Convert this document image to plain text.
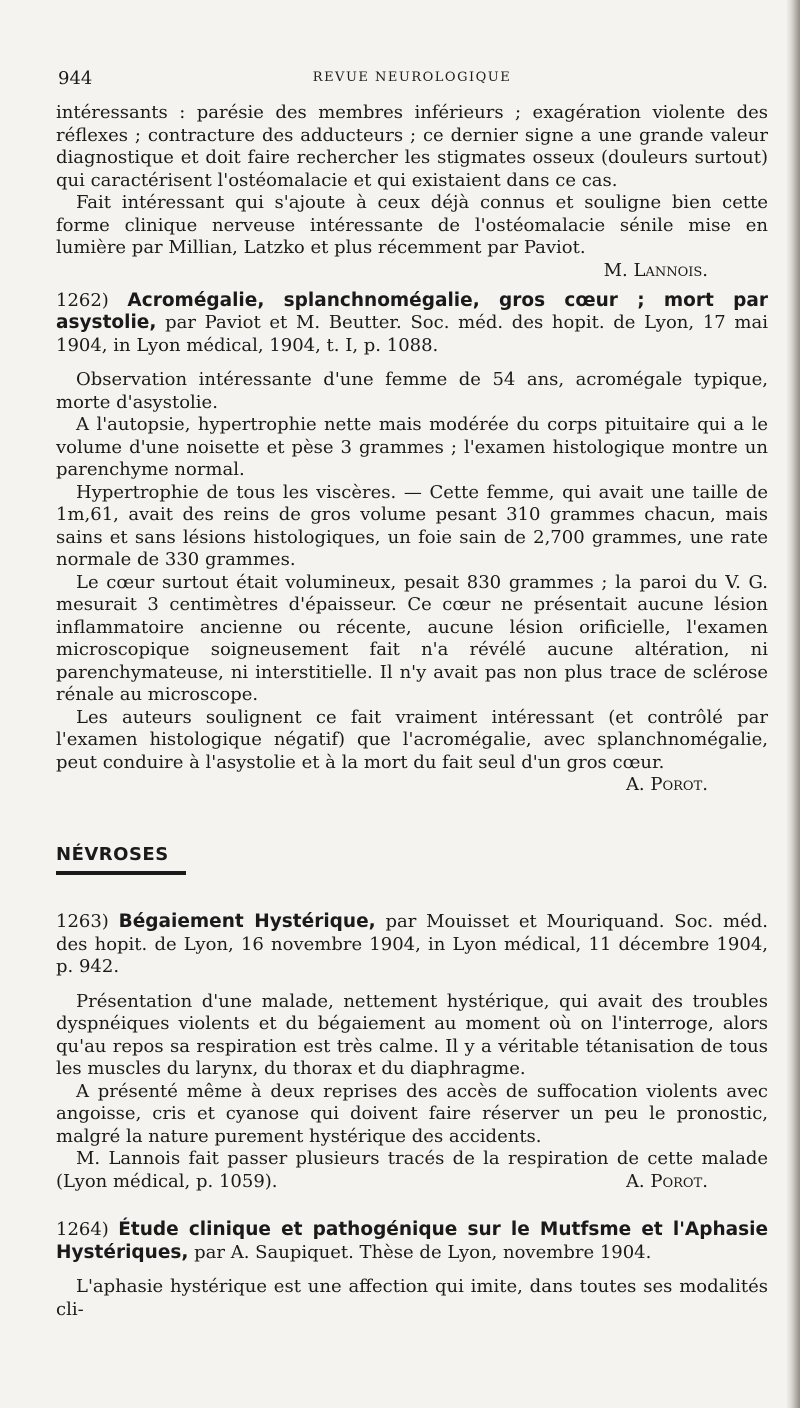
944	REVUE NEUROLOGIQUE

intéressants : parésie des membres inférieurs ; exagération violente des réflexes ; contracture des adducteurs ; ce dernier signe a une grande valeur diagnostique et doit faire rechercher les stigmates osseux (douleurs surtout) qui caractérisent l'ostéomalacie et qui existaient dans ce cas.

Fait intéressant qui s'ajoute à ceux déjà connus et souligne bien cette forme clinique nerveuse intéressante de l'ostéomalacie sénile mise en lumière par Millian, Latzko et plus récemment par Paviot.
M. Lannois.

1262) Acromégalie, splanchnomégalie, gros cœur ; mort par asystolie, par Paviot et M. Beutter. Soc. méd. des hopit. de Lyon, 17 mai 1904, in Lyon médical, 1904, t. I, p. 1088.

Observation intéressante d'une femme de 54 ans, acromégale typique, morte d'asystolie.

A l'autopsie, hypertrophie nette mais modérée du corps pituitaire qui a le volume d'une noisette et pèse 3 grammes ; l'examen histologique montre un parenchyme normal.

Hypertrophie de tous les viscères. — Cette femme, qui avait une taille de 1m,61, avait des reins de gros volume pesant 310 grammes chacun, mais sains et sans lésions histologiques, un foie sain de 2,700 grammes, une rate normale de 330 grammes.

Le cœur surtout était volumineux, pesait 830 grammes ; la paroi du V. G. mesurait 3 centimètres d'épaisseur. Ce cœur ne présentait aucune lésion inflammatoire ancienne ou récente, aucune lésion orificielle, l'examen microscopique soigneusement fait n'a révélé aucune altération, ni parenchymateuse, ni interstitielle. Il n'y avait pas non plus trace de sclérose rénale au microscope.

Les auteurs soulignent ce fait vraiment intéressant (et contrôlé par l'examen histologique négatif) que l'acromégalie, avec splanchnomégalie, peut conduire à l'asystolie et à la mort du fait seul d'un gros cœur.
A. Porot.

NÉVROSES

1263) Bégaiement Hystérique, par Mouisset et Mouriquand. Soc. méd. des hopit. de Lyon, 16 novembre 1904, in Lyon médical, 11 décembre 1904, p. 942.

Présentation d'une malade, nettement hystérique, qui avait des troubles dyspnéiques violents et du bégaiement au moment où on l'interroge, alors qu'au repos sa respiration est très calme. Il y a véritable tétanisation de tous les muscles du larynx, du thorax et du diaphragme.

A présenté même à deux reprises des accès de suffocation violents avec angoisse, cris et cyanose qui doivent faire réserver un peu le pronostic, malgré la nature purement hystérique des accidents.

M. Lannois fait passer plusieurs tracés de la respiration de cette malade (Lyon médical, p. 1059).	A. Porot.

1264) Étude clinique et pathogénique sur le Mutfsme et l'Aphasie Hystériques, par A. Saupiquet. Thèse de Lyon, novembre 1904.

L'aphasie hystérique est une affection qui imite, dans toutes ses modalités cli-
